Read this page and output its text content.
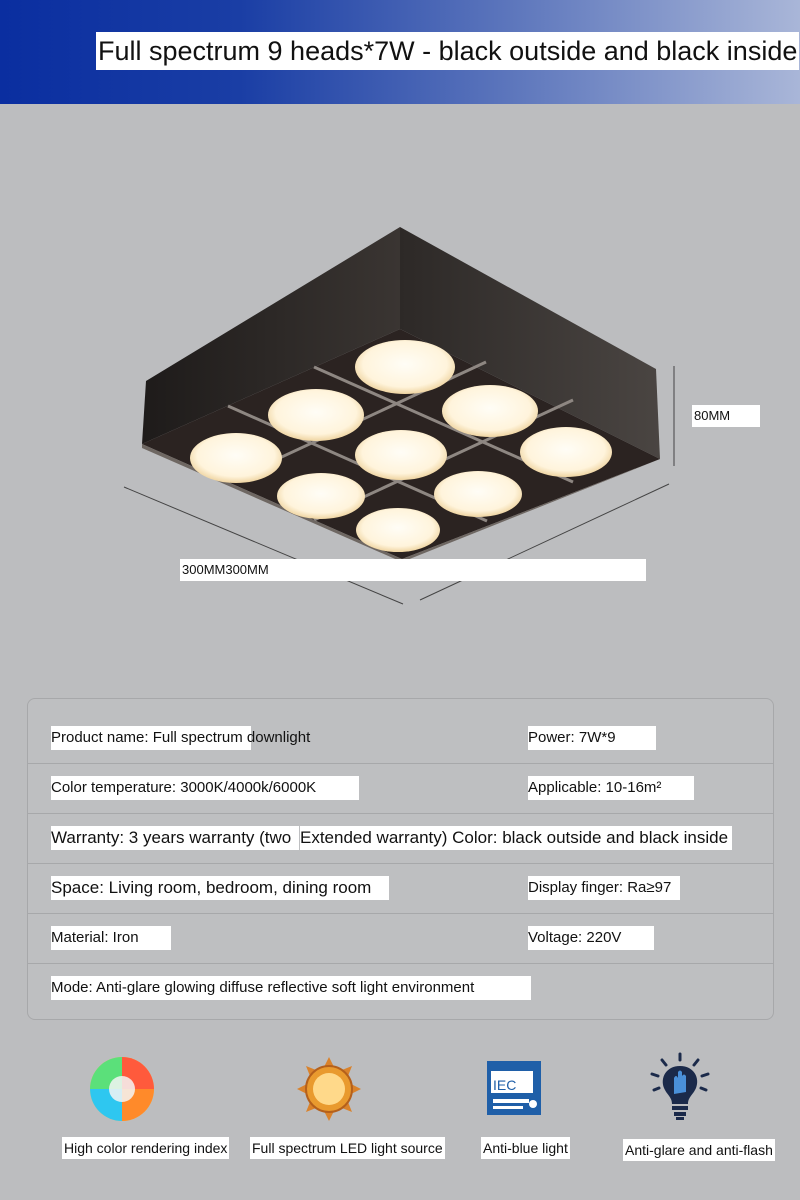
Full spectrum 9 heads*7W - black outside and black inside
80MM
300MM300MM
Product name: Full spectrum downlight	Power: 7W*9
Color temperature: 3000K/4000k/6000K	Applicable: 10-16m²
Warranty: 3 years warranty (two Extended warranty) Color: black outside and black inside
Space: Living room, bedroom, dining room	Display finger: Ra≥97
Material: Iron	Voltage: 220V
Mode: Anti-glare glowing diffuse reflective soft light environment
High color rendering index Full spectrum LED light source
IEC
Anti-blue light	Anti-glare and anti-flash
